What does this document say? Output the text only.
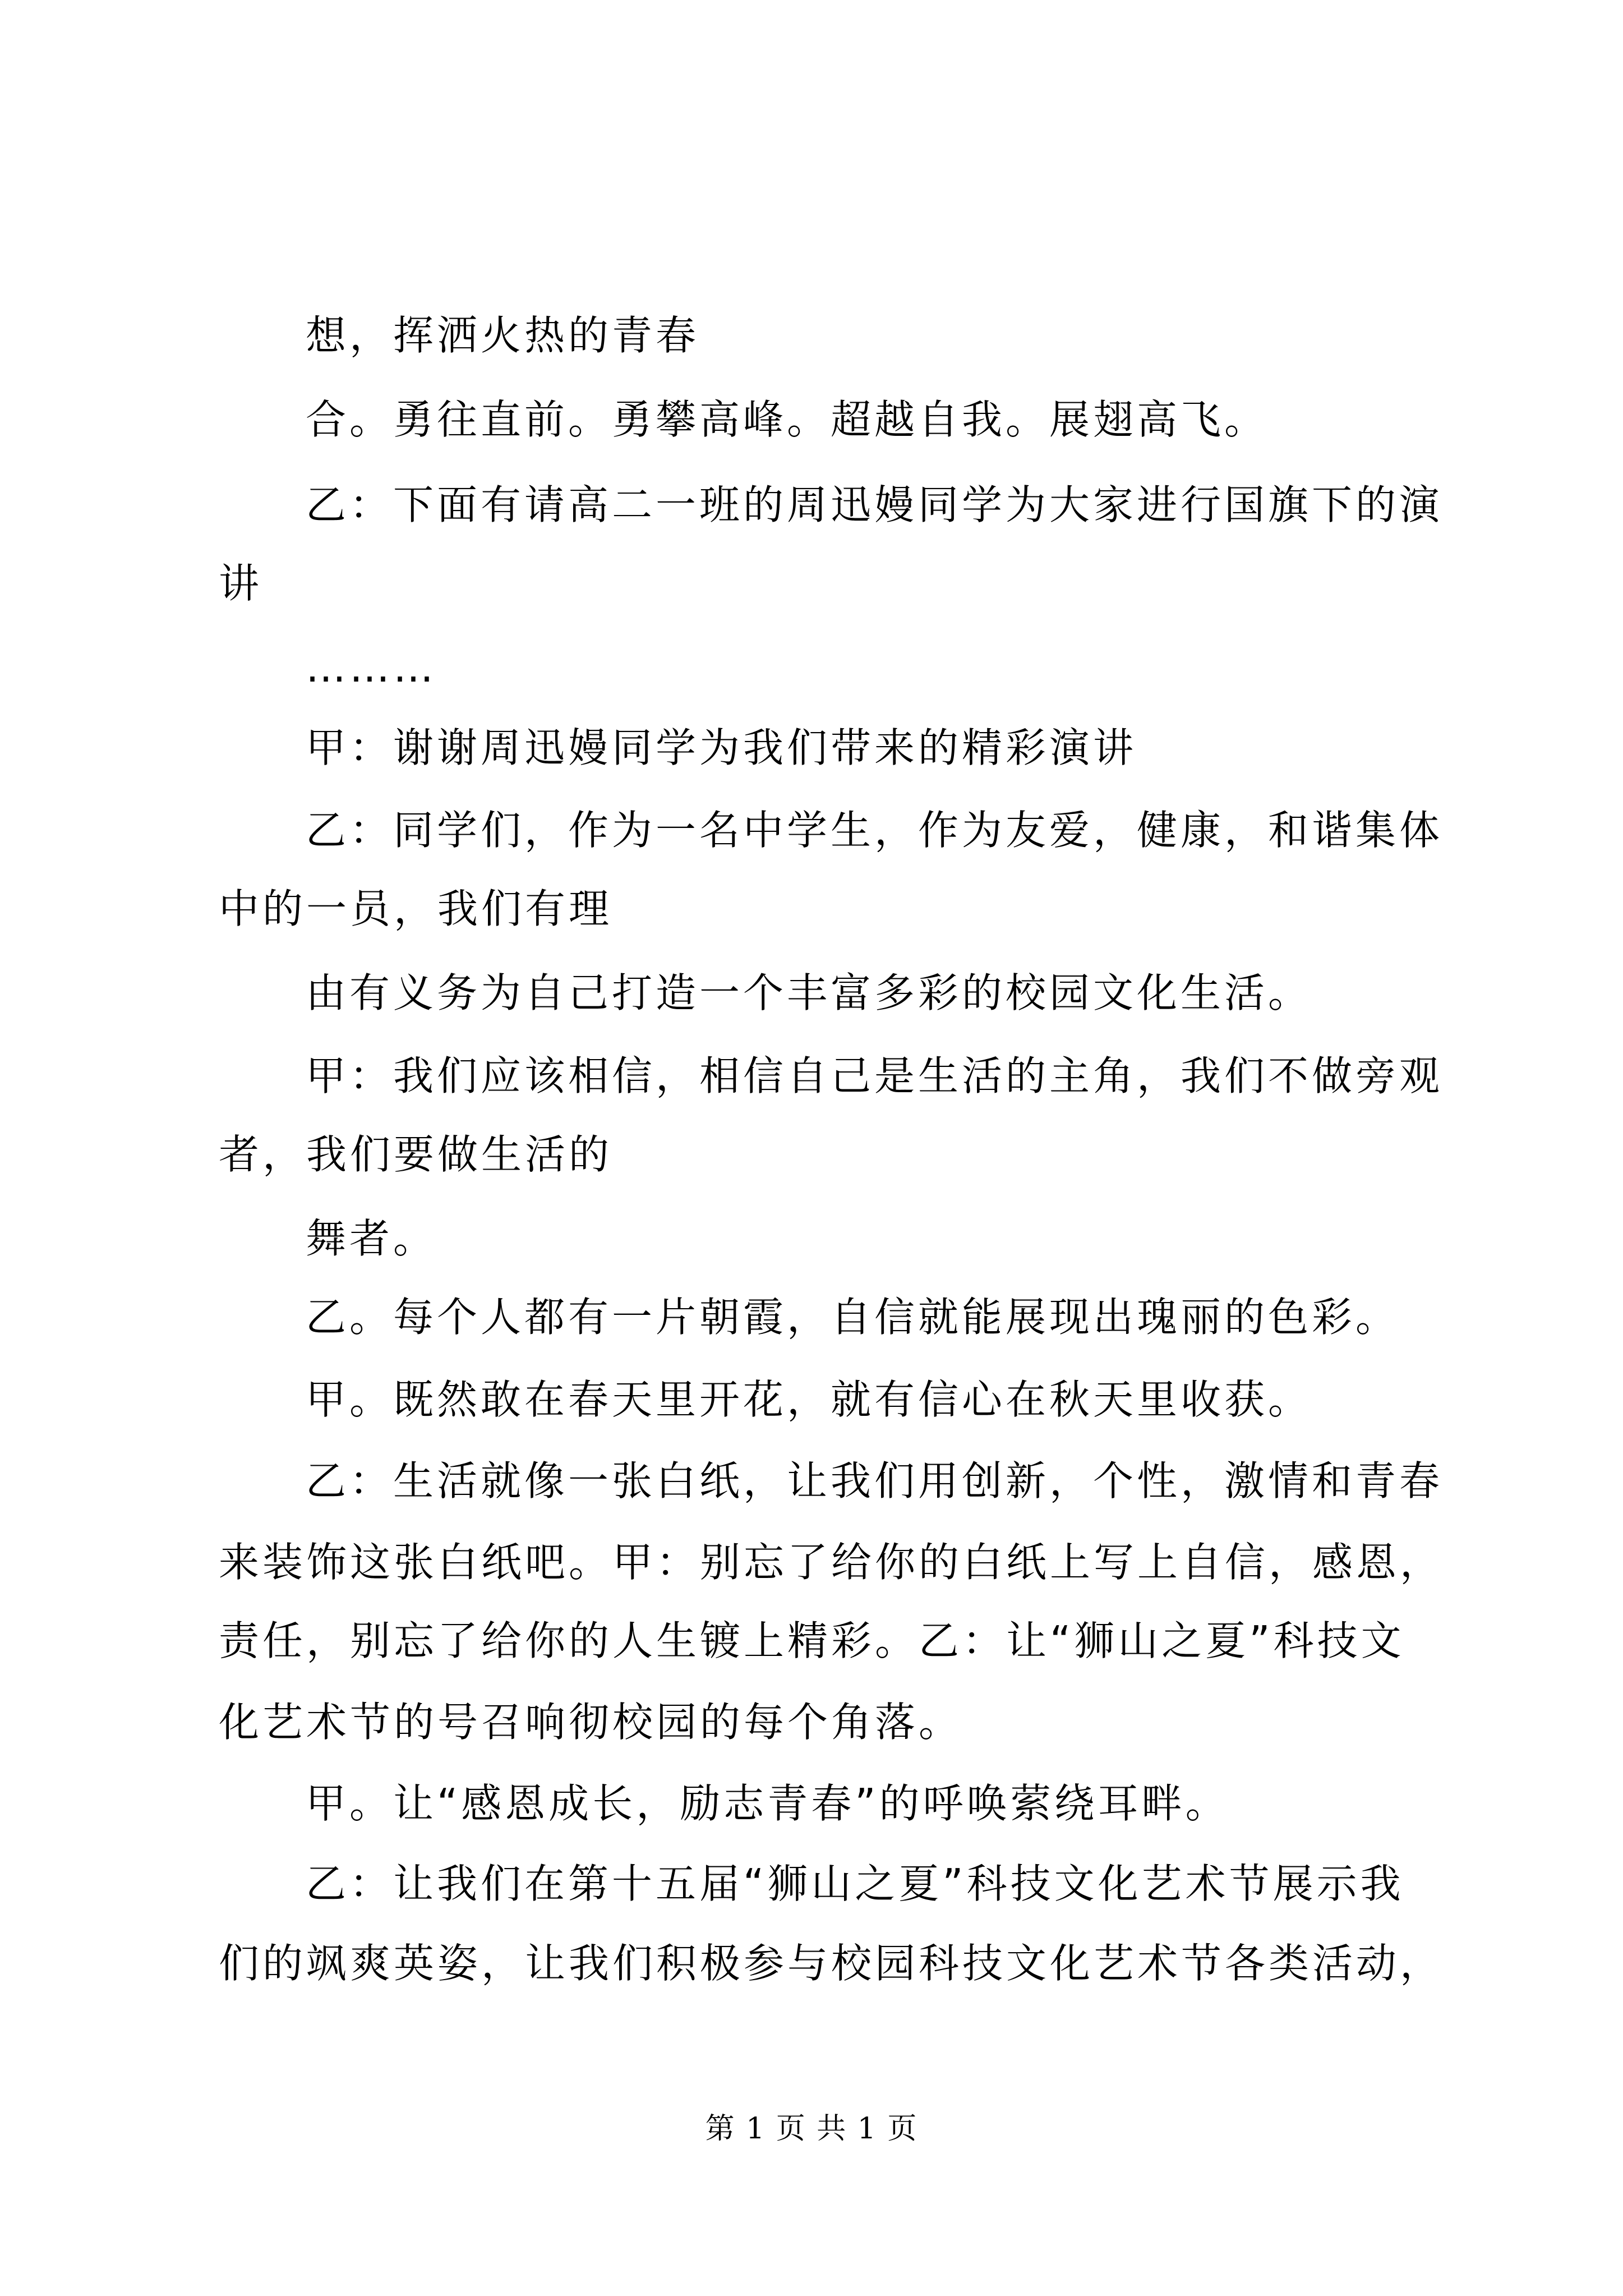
想，挥洒火热的青春
合。勇往直前。勇攀高峰。超越自我。展翅高飞。
乙：下面有请高二一班的周迅嫚同学为大家进行国旗下的演
讲
………
甲：谢谢周迅嫚同学为我们带来的精彩演讲
乙：同学们，作为一名中学生，作为友爱，健康，和谐集体
中的一员，我们有理
由有义务为自己打造一个丰富多彩的校园文化生活。
甲：我们应该相信，相信自己是生活的主角，我们不做旁观
者，我们要做生活的
舞者。
乙。每个人都有一片朝霞，自信就能展现出瑰丽的色彩。
甲。既然敢在春天里开花，就有信心在秋天里收获。
乙：生活就像一张白纸，让我们用创新，个性，激情和青春
来装饰这张白纸吧。甲：别忘了给你的白纸上写上自信，感恩，
责任，别忘了给你的人生镀上精彩。乙：让“狮山之夏”科技文
化艺术节的号召响彻校园的每个角落。
甲。让“感恩成长，励志青春”的呼唤萦绕耳畔。
乙：让我们在第十五届“狮山之夏”科技文化艺术节展示我
们的飒爽英姿，让我们积极参与校园科技文化艺术节各类活动，
第 1 页 共 1 页
